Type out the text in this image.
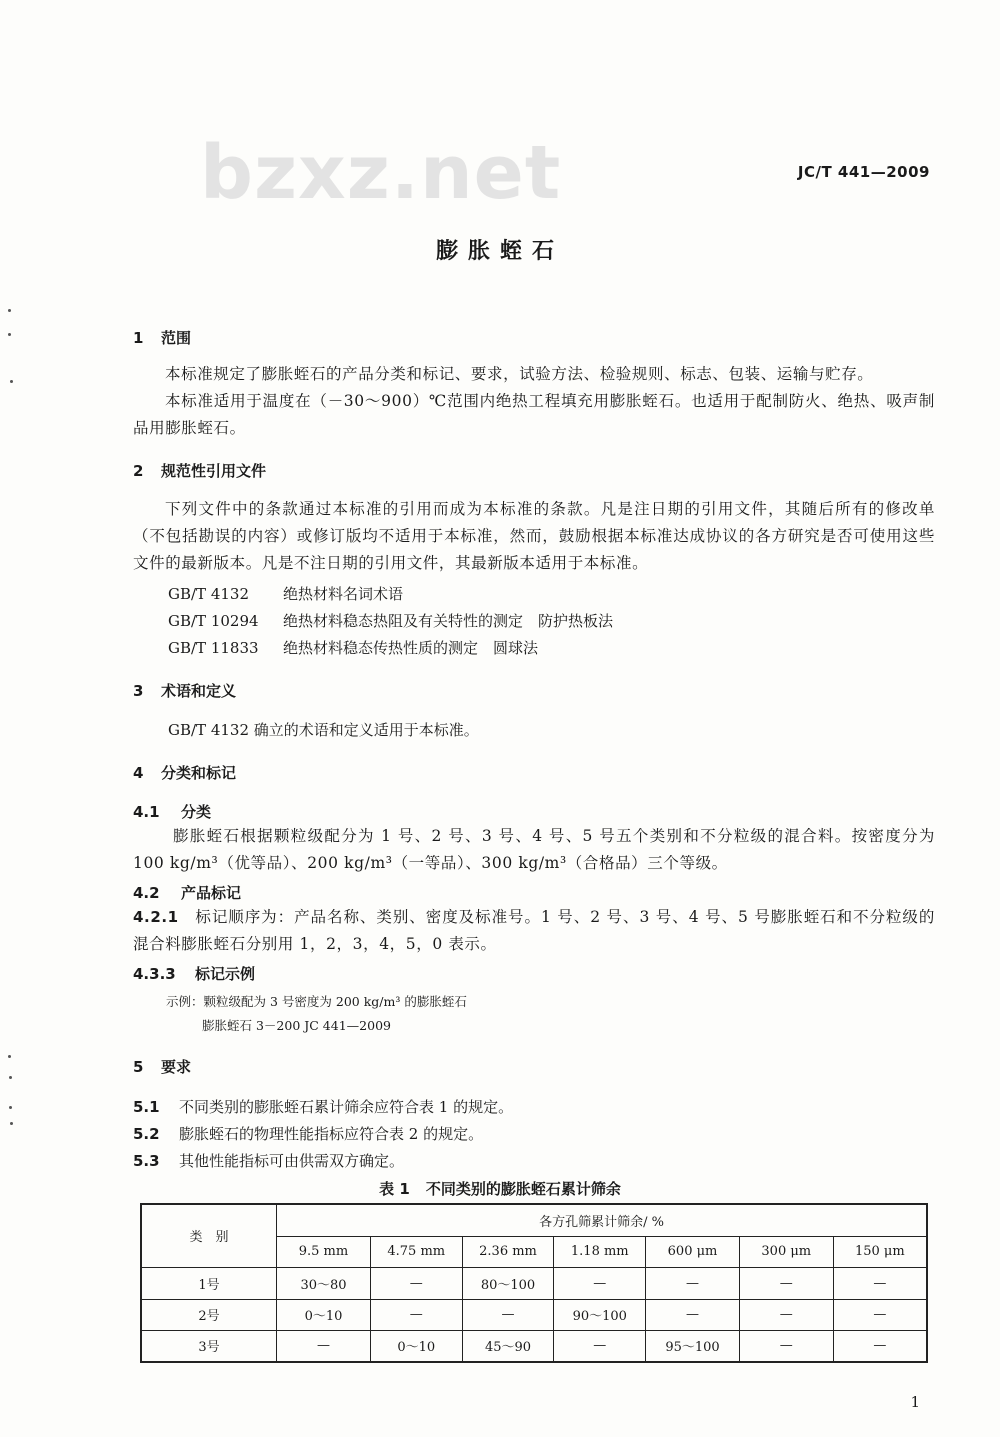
bzxz.net	JC/T 441—2009
膨胀蛭石
1 范围
本标准规定了膨胀蛭石的产品分类和标记、要求，试验方法、检验规则、标志、包装、运输与贮存。
本标准适用于温度在（－30～900）℃范围内绝热工程填充用膨胀蛭石。也适用于配制防火、绝热、吸声制品用膨胀蛭石。
2 规范性引用文件
下列文件中的条款通过本标准的引用而成为本标准的条款。凡是注日期的引用文件，其随后所有的修改单（不包括勘误的内容）或修订版均不适用于本标准，然而，鼓励根据本标准达成协议的各方研究是否可使用这些文件的最新版本。凡是不注日期的引用文件，其最新版本适用于本标准。
GB/T 4132 绝热材料名词术语
GB/T 10294 绝热材料稳态热阻及有关特性的测定　防护热板法
GB/T 11833 绝热材料稳态传热性质的测定　圆球法
3 术语和定义
GB/T 4132 确立的术语和定义适用于本标准。
4 分类和标记
4.1 分类
膨胀蛭石根据颗粒级配分为 1 号、2 号、3 号、4 号、5 号五个类别和不分粒级的混合料。按密度分为 100 kg/m³（优等品）、200 kg/m³（一等品）、300 kg/m³（合格品）三个等级。
4.2 产品标记
4.2.1 标记顺序为：产品名称、类别、密度及标准号。1 号、2 号、3 号、4 号、5 号膨胀蛭石和不分粒级的混合料膨胀蛭石分别用 1，2，3，4，5，0 表示。
4.3.3 标记示例
示例：颗粒级配为 3 号密度为 200 kg/m³ 的膨胀蛭石
膨胀蛭石 3－200 JC 441—2009
5 要求
5.1 不同类别的膨胀蛭石累计筛余应符合表 1 的规定。
5.2 膨胀蛭石的物理性能指标应符合表 2 的规定。
5.3 其他性能指标可由供需双方确定。
表 1 不同类别的膨胀蛭石累计筛余
类　别	各方孔筛累计筛余/ %						
	9.5 mm	4.75 mm	2.36 mm	1.18 mm	600 μm	300 μm	150 μm
1号	30～80	—	80～100	—	—	—	—
2号	0～10	—	—	90～100	—	—	—
3号	—	0～10	45～90	—	95～100	—	—
1
